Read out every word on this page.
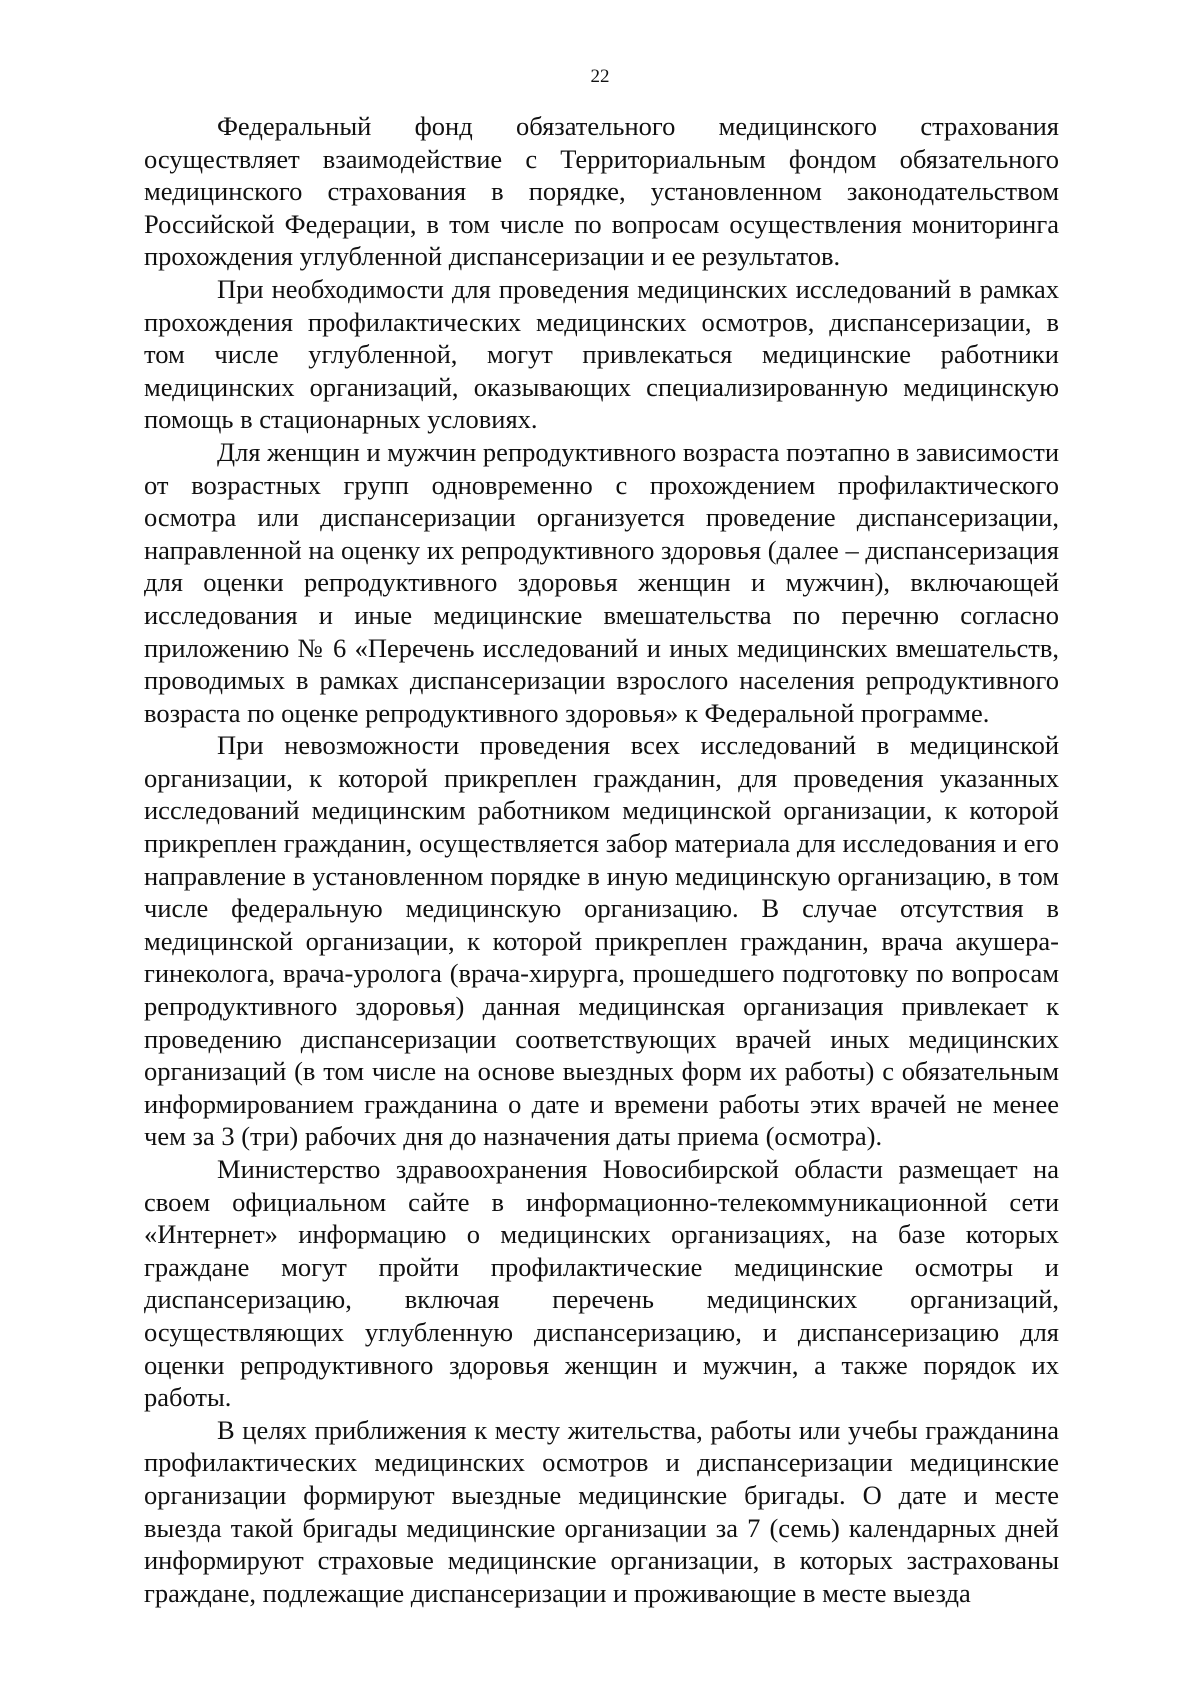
22

Федеральный фонд обязательного медицинского страхования осуществляет взаимодействие с Территориальным фондом обязательного медицинского страхования в порядке, установленном законодательством Российской Федерации, в том числе по вопросам осуществления мониторинга прохождения углубленной диспансеризации и ее результатов.

При необходимости для проведения медицинских исследований в рамках прохождения профилактических медицинских осмотров, диспансеризации, в том числе углубленной, могут привлекаться медицинские работники медицинских организаций, оказывающих специализированную медицинскую помощь в стационарных условиях.

Для женщин и мужчин репродуктивного возраста поэтапно в зависимости от возрастных групп одновременно с прохождением профилактического осмотра или диспансеризации организуется проведение диспансеризации, направленной на оценку их репродуктивного здоровья (далее – диспансеризация для оценки репродуктивного здоровья женщин и мужчин), включающей исследования и иные медицинские вмешательства по перечню согласно приложению № 6 «Перечень исследований и иных медицинских вмешательств, проводимых в рамках диспансеризации взрослого населения репродуктивного возраста по оценке репродуктивного здоровья» к Федеральной программе.

При невозможности проведения всех исследований в медицинской организации, к которой прикреплен гражданин, для проведения указанных исследований медицинским работником медицинской организации, к которой прикреплен гражданин, осуществляется забор материала для исследования и его направление в установленном порядке в иную медицинскую организацию, в том числе федеральную медицинскую организацию. В случае отсутствия в медицинской организации, к которой прикреплен гражданин, врача акушера-гинеколога, врача-уролога (врача-хирурга, прошедшего подготовку по вопросам репродуктивного здоровья) данная медицинская организация привлекает к проведению диспансеризации соответствующих врачей иных медицинских организаций (в том числе на основе выездных форм их работы) с обязательным информированием гражданина о дате и времени работы этих врачей не менее чем за 3 (три) рабочих дня до назначения даты приема (осмотра).

Министерство здравоохранения Новосибирской области размещает на своем официальном сайте в информационно-телекоммуникационной сети «Интернет» информацию о медицинских организациях, на базе которых граждане могут пройти профилактические медицинские осмотры и диспансеризацию, включая перечень медицинских организаций, осуществляющих углубленную диспансеризацию, и диспансеризацию для оценки репродуктивного здоровья женщин и мужчин, а также порядок их работы.

В целях приближения к месту жительства, работы или учебы гражданина профилактических медицинских осмотров и диспансеризации медицинские организации формируют выездные медицинские бригады. О дате и месте выезда такой бригады медицинские организации за 7 (семь) календарных дней информируют страховые медицинские организации, в которых застрахованы граждане, подлежащие диспансеризации и проживающие в месте выезда
